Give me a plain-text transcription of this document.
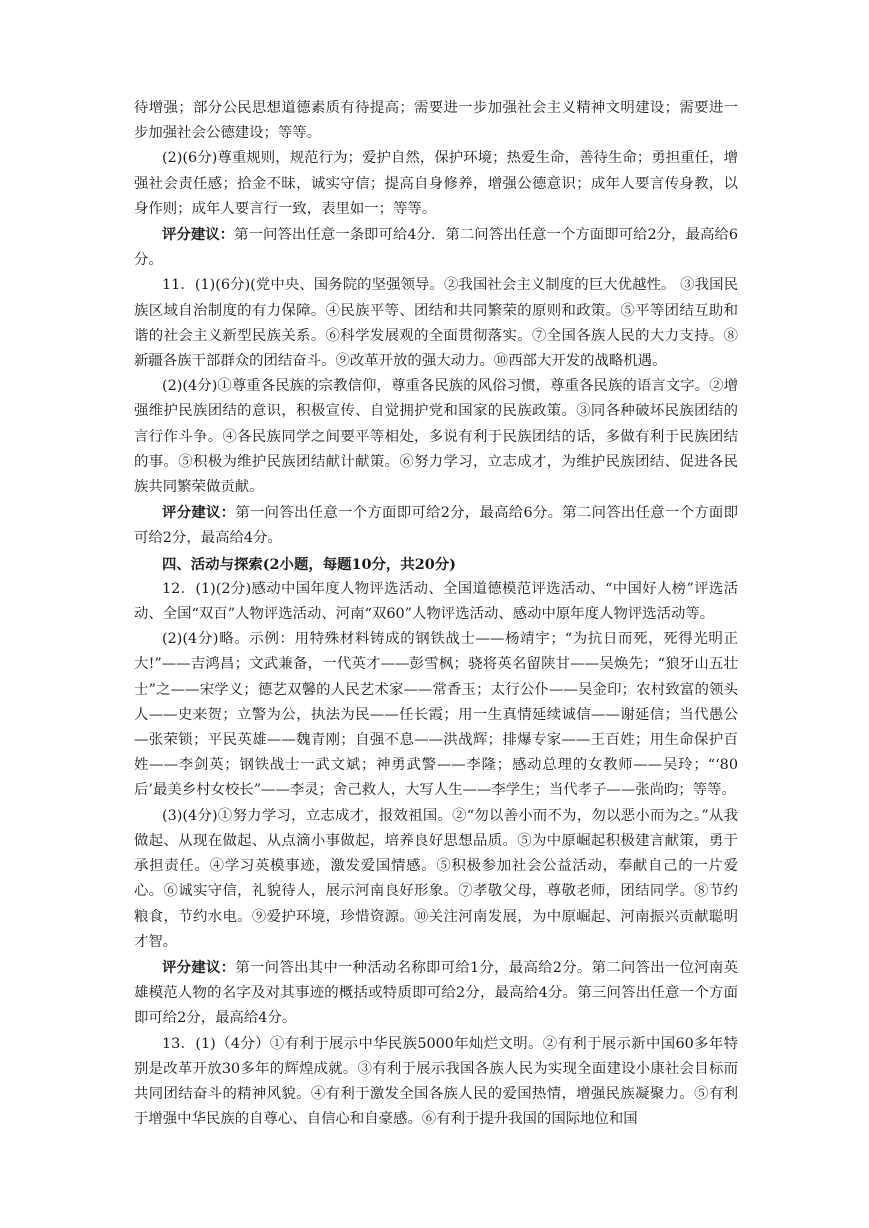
待增强；部分公民思想道德素质有待提高；需要进一步加强社会主义精神文明建设；需要进一步加强社会公德建设；等等。

(2)(6分)尊重规则，规范行为；爱护自然，保护环境；热爱生命，善待生命；勇担重任，增强社会责任感；拾金不昧，诚实守信；提高自身修养，增强公德意识；成年人要言传身教，以身作则；成年人要言行一致，表里如一；等等。

评分建议：第一问答出任意一条即可给4分．第二问答出任意一个方面即可给2分，最高给6分。

11．(1)(6分)(党中央、国务院的坚强领导。②我国社会主义制度的巨大优越性。 ③我国民族区域自治制度的有力保障。④民族平等、团结和共同繁荣的原则和政策。⑤平等团结互助和谐的社会主义新型民族关系。⑥科学发展观的全面贯彻落实。⑦全国各族人民的大力支持。⑧新疆各族干部群众的团结奋斗。⑨改革开放的强大动力。⑩西部大开发的战略机遇。

(2)(4分)①尊重各民族的宗教信仰，尊重各民族的风俗习惯，尊重各民族的语言文字。②增强维护民族团结的意识，积极宣传、自觉拥护党和国家的民族政策。③同各种破坏民族团结的言行作斗争。④各民族同学之间要平等相处，多说有利于民族团结的话，多做有利于民族团结的事。⑤积极为维护民族团结献计献策。⑥努力学习，立志成才，为维护民族团结、促进各民族共同繁荣做贡献。

评分建议：第一问答出任意一个方面即可给2分，最高给6分。第二问答出任意一个方面即可给2分，最高给4分。

四、活动与探索(2小题，每题10分，共20分)

12．(1)(2分)感动中国年度人物评选活动、全国道德模范评选活动、“中国好人榜”评选活动、全国“双百”人物评选活动、河南“双60”人物评选活动、感动中原年度人物评选活动等。

(2)(4分)略。示例：用特殊材料铸成的钢铁战士——杨靖宇；“为抗日而死，死得光明正大!”——吉鸿昌；文武兼备，一代英才——彭雪枫；骁将英名留陕甘——吴焕先；“狼牙山五壮士”之——宋学义；德艺双馨的人民艺术家——常香玉；太行公仆——吴金印；农村致富的领头人——史来贺；立警为公，执法为民——任长霞；用一生真情延续诚信——谢延信；当代愚公—张荣锁；平民英雄——魏青刚；自强不息——洪战辉；排爆专家——王百姓；用生命保护百姓——李剑英；钢铁战士一武文斌；神勇武警——李隆；感动总理的女教师——吴玲；“‘80后’最美乡村女校长”——李灵；舍己救人，大写人生——李学生；当代孝子——张尚昀；等等。

(3)(4分)①努力学习，立志成才，报效祖国。②“勿以善小而不为，勿以恶小而为之。”从我做起、从现在做起、从点滴小事做起，培养良好思想品质。⑤为中原崛起积极建言献策，勇于承担责任。④学习英模事迹，激发爱国情感。⑤积极参加社会公益活动，奉献自己的一片爱心。⑥诚实守信，礼貌待人，展示河南良好形象。⑦孝敬父母，尊敬老师，团结同学。⑧节约粮食，节约水电。⑨爱护环境，珍惜资源。⑩关注河南发展，为中原崛起、河南振兴贡献聪明才智。

评分建议：第一问答出其中一种活动名称即可给1分，最高给2分。第二问答出一位河南英雄模范人物的名字及对其事迹的概括或特质即可给2分，最高给4分。第三问答出任意一个方面即可给2分，最高给4分。

13．(1)（4分）①有利于展示中华民族5000年灿烂文明。②有利于展示新中国60多年特别是改革开放30多年的辉煌成就。③有利于展示我国各族人民为实现全面建设小康社会目标而共同团结奋斗的精神风貌。④有利于激发全国各族人民的爱国热情，增强民族凝聚力。⑤有利于增强中华民族的自尊心、自信心和自豪感。⑥有利于提升我国的国际地位和国
